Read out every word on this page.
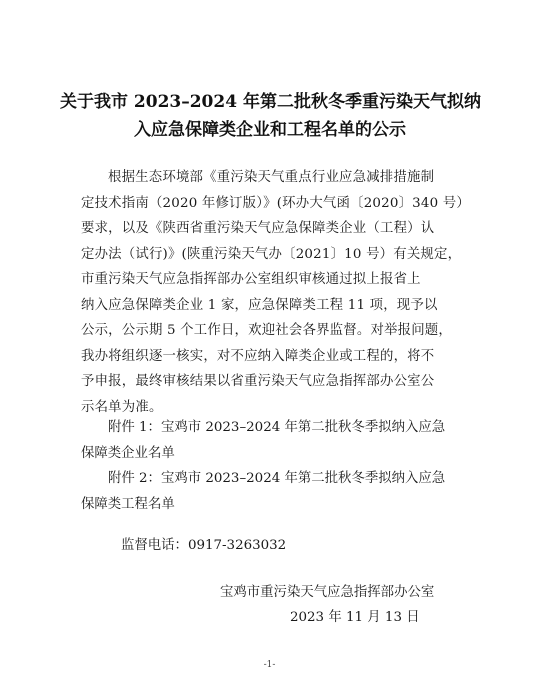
关于我市 2023–2024 年第二批秋冬季重污染天气拟纳
入应急保障类企业和工程名单的公示
根据生态环境部《重污染天气重点行业应急减排措施制
定技术指南（2020 年修订版）》(环办大气函〔2020〕340 号）
要求，以及《陕西省重污染天气应急保障类企业（工程）认
定办法（试行)》(陕重污染天气办〔2021〕10 号）有关规定，
市重污染天气应急指挥部办公室组织审核通过拟上报省上
纳入应急保障类企业 1 家，应急保障类工程 11 项，现予以
公示，公示期 5 个工作日，欢迎社会各界监督。对举报问题，
我办将组织逐一核实，对不应纳入障类企业或工程的，将不
予申报，最终审核结果以省重污染天气应急指挥部办公室公
示名单为准。
附件 1：宝鸡市 2023–2024 年第二批秋冬季拟纳入应急
保障类企业名单
附件 2：宝鸡市 2023–2024 年第二批秋冬季拟纳入应急
保障类工程名单
监督电话：0917-3263032
宝鸡市重污染天气应急指挥部办公室
2023 年 11 月 13 日
-1-
